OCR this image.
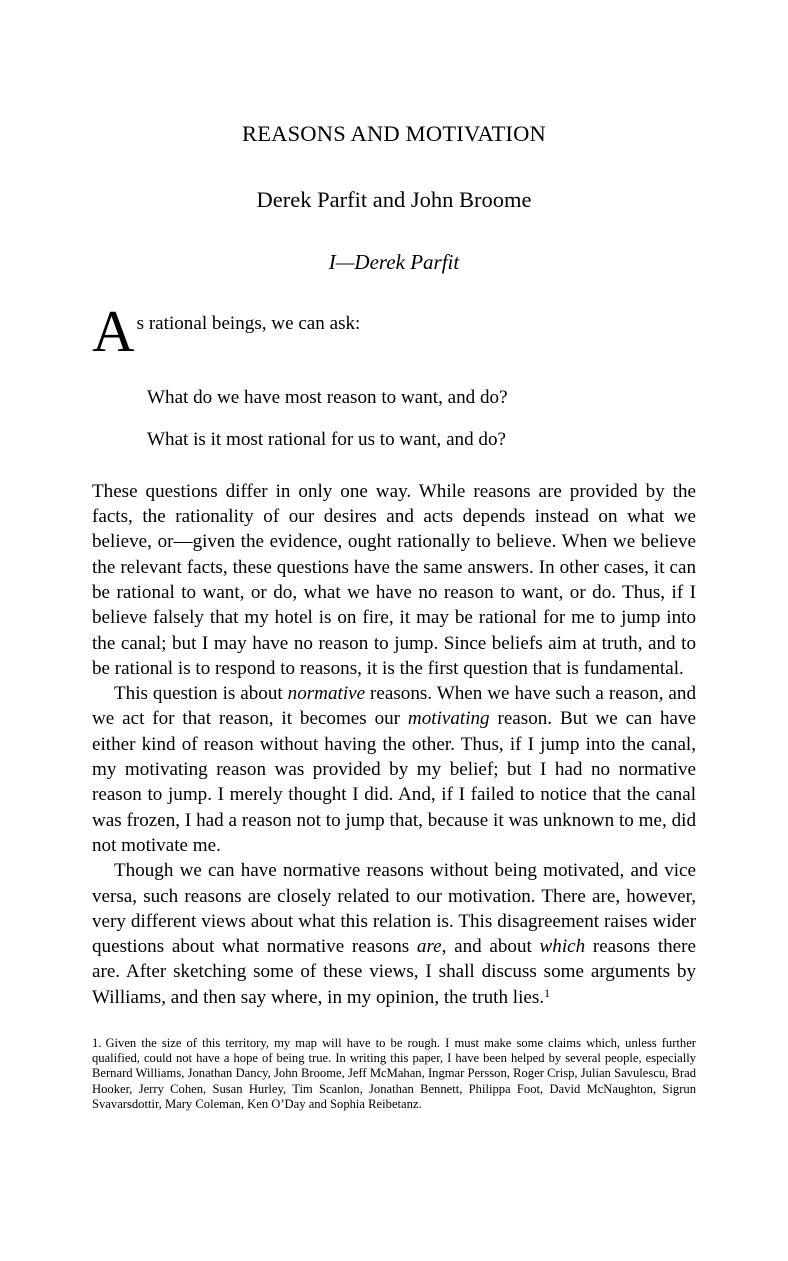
REASONS AND MOTIVATION
Derek Parfit and John Broome
I—Derek Parfit
A s rational beings, we can ask:

What do we have most reason to want, and do?

What is it most rational for us to want, and do?

These questions differ in only one way. While reasons are provided by the facts, the rationality of our desires and acts depends instead on what we believe, or—given the evidence, ought rationally to believe. When we believe the relevant facts, these questions have the same answers. In other cases, it can be rational to want, or do, what we have no reason to want, or do. Thus, if I believe falsely that my hotel is on fire, it may be rational for me to jump into the canal; but I may have no reason to jump. Since beliefs aim at truth, and to be rational is to respond to reasons, it is the first question that is fundamental.

This question is about normative reasons. When we have such a reason, and we act for that reason, it becomes our motivating reason. But we can have either kind of reason without having the other. Thus, if I jump into the canal, my motivating reason was provided by my belief; but I had no normative reason to jump. I merely thought I did. And, if I failed to notice that the canal was frozen, I had a reason not to jump that, because it was unknown to me, did not motivate me.

Though we can have normative reasons without being motivated, and vice versa, such reasons are closely related to our motivation. There are, however, very different views about what this relation is. This disagreement raises wider questions about what normative reasons are, and about which reasons there are. After sketching some of these views, I shall discuss some arguments by Williams, and then say where, in my opinion, the truth lies.$^1$

1. Given the size of this territory, my map will have to be rough. I must make some claims which, unless further qualified, could not have a hope of being true. In writing this paper, I have been helped by several people, especially Bernard Williams, Jonathan Dancy, John Broome, Jeff McMahan, Ingmar Persson, Roger Crisp, Julian Savulescu, Brad Hooker, Jerry Cohen, Susan Hurley, Tim Scanlon, Jonathan Bennett, Philippa Foot, David McNaughton, Sigrun Svavarsdottir, Mary Coleman, Ken O’Day and Sophia Reibetanz.
